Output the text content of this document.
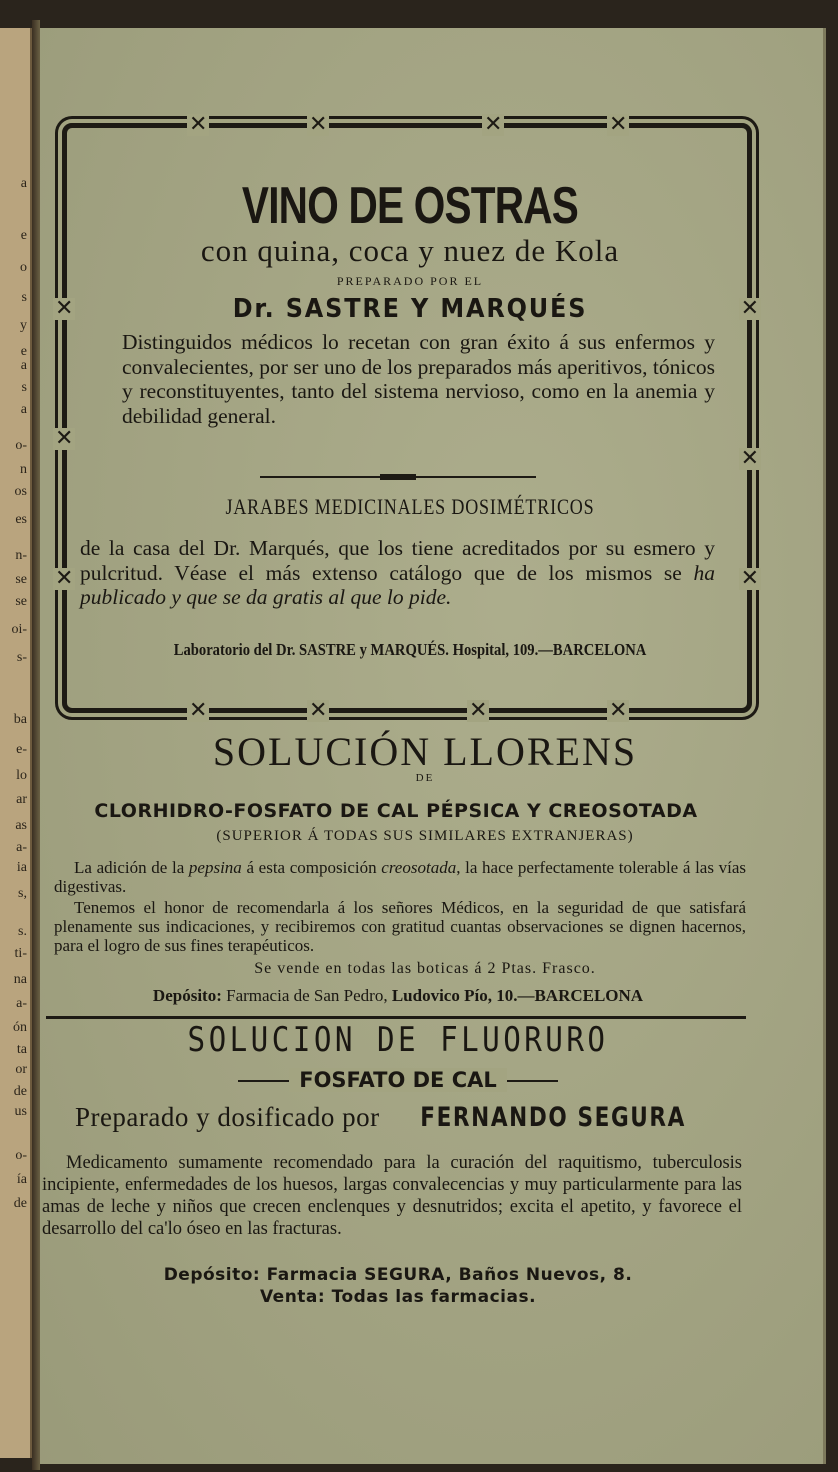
a
e
o
s
y
e
a
s
a
o-
n
os
es
n-
se
se
oi-
s-
ba
e-
lo
ar
as
a-
ia
s,
s.
ti-
na
a-
ón
ta
or
de
us
o-
ía
de
✕	✕	✕	✕
✕	✕	✕	✕
✕
✕
✕
✕
✕
✕
VINO DE OSTRAS
con quina, coca y nuez de Kola
PREPARADO POR EL
Dr. SASTRE Y MARQUÉS
Distinguidos médicos lo recetan con gran éxito á sus enfermos y convalecientes, por ser uno de los preparados más aperitivos, tónicos y reconstituyentes, tanto del sistema nervioso, como en la anemia y debilidad general.
JARABES MEDICINALES DOSIMÉTRICOS
de la casa del Dr. Marqués, que los tiene acreditados por su esmero y pulcritud. Véase el más extenso catálogo que de los mismos se ha publicado y que se da gratis al que lo pide.
Laboratorio del Dr. SASTRE y MARQUÉS. Hospital, 109.—BARCELONA
SOLUCIÓN LLORENS
DE
CLORHIDRO-FOSFATO DE CAL PÉPSICA Y CREOSOTADA
(SUPERIOR Á TODAS SUS SIMILARES EXTRANJERAS)
La adición de la pepsina á esta composición creosotada, la hace perfectamente tolerable á las vías digestivas.
Tenemos el honor de recomendarla á los señores Médicos, en la seguridad de que satisfará plenamente sus indicaciones, y recibiremos con gratitud cuantas observaciones se dignen hacernos, para el logro de sus fines terapéuticos.
Se vende en todas las boticas á 2 Ptas. Frasco.
Depósito: Farmacia de San Pedro, Ludovico Pío, 10.—BARCELONA
SOLUCION DE FLUORURO
FOSFATO DE CAL
Preparado y dosificado por FERNANDO SEGURA
Medicamento sumamente recomendado para la curación del raquitismo, tuberculosis incipiente, enfermedades de los huesos, largas convalecencias y muy particularmente para las amas de leche y niños que crecen enclenques y desnutridos; excita el apetito, y favorece el desarrollo del ca'lo óseo en las fracturas.
Depósito: Farmacia SEGURA, Baños Nuevos, 8.
Venta: Todas las farmacias.
